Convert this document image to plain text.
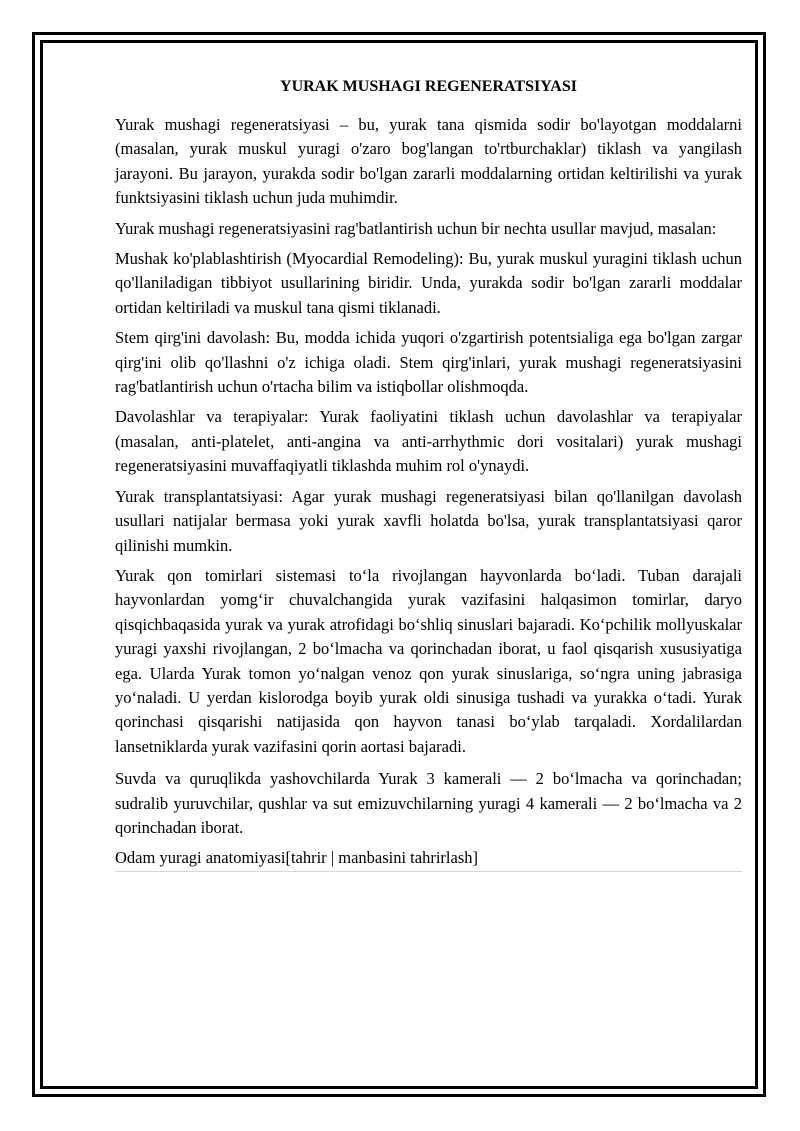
YURAK MUSHAGI REGENERATSIYASI

Yurak mushagi regeneratsiyasi – bu, yurak tana qismida sodir bo'layotgan moddalarni (masalan, yurak muskul yuragi o'zaro bog'langan to'rtburchaklar) tiklash va yangilash jarayoni. Bu jarayon, yurakda sodir bo'lgan zararli moddalarning ortidan keltirilishi va yurak funktsiyasini tiklash uchun juda muhimdir.

Yurak mushagi regeneratsiyasini rag'batlantirish uchun bir nechta usullar mavjud, masalan:

Mushak ko'plablashtirish (Myocardial Remodeling): Bu, yurak muskul yuragini tiklash uchun qo'llaniladigan tibbiyot usullarining biridir. Unda, yurakda sodir bo'lgan zararli moddalar ortidan keltiriladi va muskul tana qismi tiklanadi.

Stem qirg'ini davolash: Bu, modda ichida yuqori o'zgartirish potentsialiga ega bo'lgan zargar qirg'ini olib qo'llashni o'z ichiga oladi. Stem qirg'inlari, yurak mushagi regeneratsiyasini rag'batlantirish uchun o'rtacha bilim va istiqbollar olishmoqda.

Davolashlar va terapiyalar: Yurak faoliyatini tiklash uchun davolashlar va terapiyalar (masalan, anti-platelet, anti-angina va anti-arrhythmic dori vositalari) yurak mushagi regeneratsiyasini muvaffaqiyatli tiklashda muhim rol o'ynaydi.

Yurak transplantatsiyasi: Agar yurak mushagi regeneratsiyasi bilan qo'llanilgan davolash usullari natijalar bermasa yoki yurak xavfli holatda bo'lsa, yurak transplantatsiyasi qaror qilinishi mumkin.

Yurak qon tomirlari sistemasi toʻla rivojlangan hayvonlarda boʻladi. Tuban darajali hayvonlardan yomgʻir chuvalchangida yurak vazifasini halqasimon tomirlar, daryo qisqichbaqasida yurak va yurak atrofidagi boʻshliq sinuslari bajaradi. Koʻpchilik mollyuskalar yuragi yaxshi rivojlangan, 2 boʻlmacha va qorinchadan iborat, u faol qisqarish xususiyatiga ega. Ularda Yurak tomon yoʻnalgan venoz qon yurak sinuslariga, soʻngra uning jabrasiga yoʻnaladi. U yerdan kislorodga boyib yurak oldi sinusiga tushadi va yurakka oʻtadi. Yurak qorinchasi qisqarishi natijasida qon hayvon tanasi boʻylab tarqaladi. Xordalilardan lansetniklarda yurak vazifasini qorin aortasi bajaradi.

Suvda va quruqlikda yashovchilarda Yurak 3 kamerali — 2 boʻlmacha va qorinchadan; sudralib yuruvchilar, qushlar va sut emizuvchilarning yuragi 4 kamerali — 2 boʻlmacha va 2 qorinchadan iborat.

Odam yuragi anatomiyasi[tahrir | manbasini tahrirlash]
